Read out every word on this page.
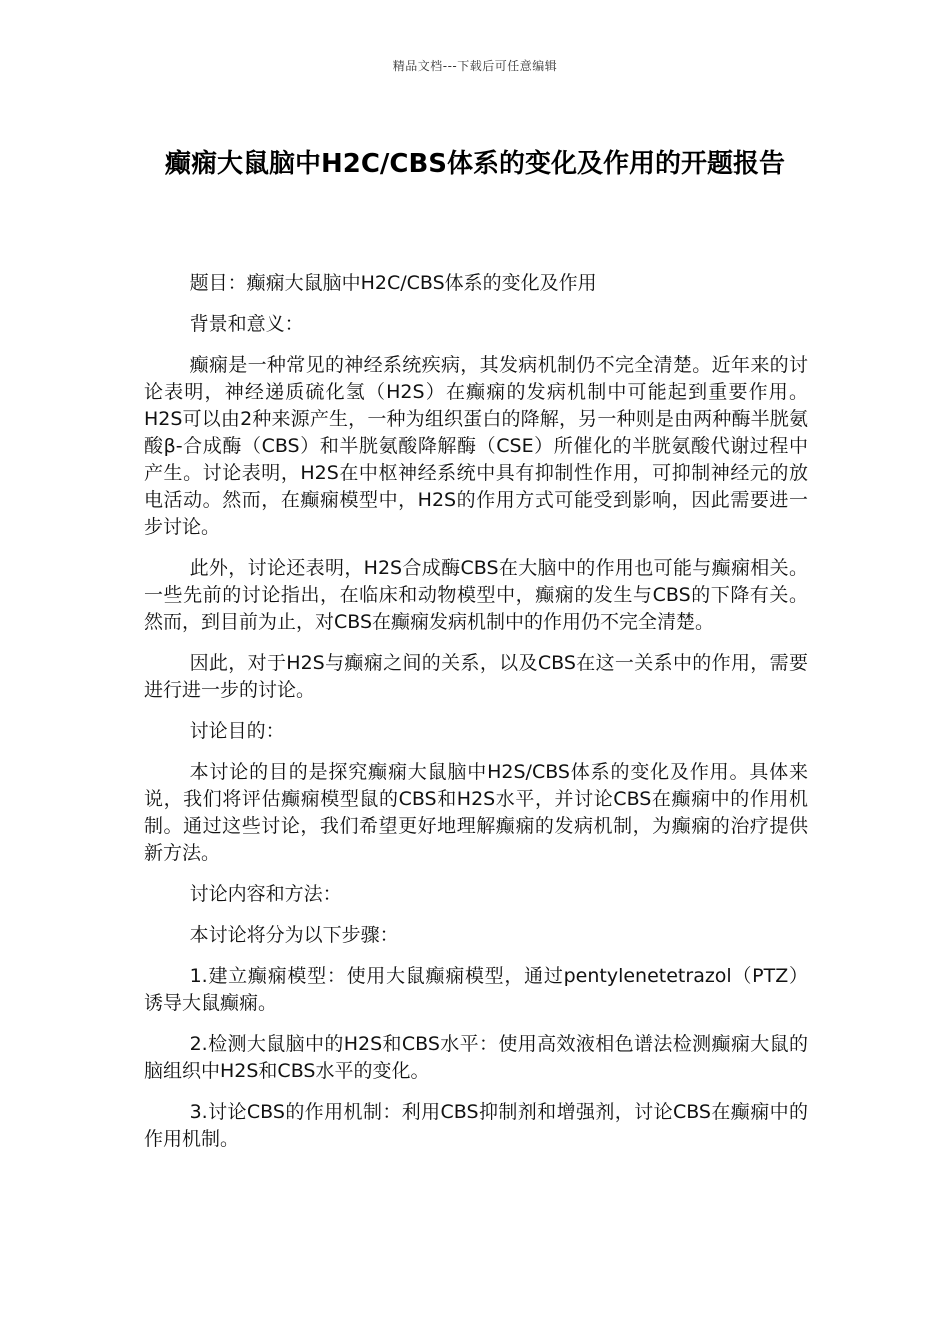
精品文档---下载后可任意编辑
癫痫大鼠脑中H2C/CBS体系的变化及作用的开题报告

题目：癫痫大鼠脑中H2C/CBS体系的变化及作用

背景和意义：

癫痫是一种常见的神经系统疾病，其发病机制仍不完全清楚。近年来的讨论表明，神经递质硫化氢（H2S）在癫痫的发病机制中可能起到重要作用。H2S可以由2种来源产生，一种为组织蛋白的降解，另一种则是由两种酶半胱氨酸β-合成酶（CBS）和半胱氨酸降解酶（CSE）所催化的半胱氨酸代谢过程中产生。讨论表明，H2S在中枢神经系统中具有抑制性作用，可抑制神经元的放电活动。然而，在癫痫模型中，H2S的作用方式可能受到影响，因此需要进一步讨论。

此外，讨论还表明，H2S合成酶CBS在大脑中的作用也可能与癫痫相关。一些先前的讨论指出，在临床和动物模型中，癫痫的发生与CBS的下降有关。然而，到目前为止，对CBS在癫痫发病机制中的作用仍不完全清楚。

因此，对于H2S与癫痫之间的关系，以及CBS在这一关系中的作用，需要进行进一步的讨论。

讨论目的：

本讨论的目的是探究癫痫大鼠脑中H2S/CBS体系的变化及作用。具体来说，我们将评估癫痫模型鼠的CBS和H2S水平，并讨论CBS在癫痫中的作用机制。通过这些讨论，我们希望更好地理解癫痫的发病机制，为癫痫的治疗提供新方法。

讨论内容和方法：

本讨论将分为以下步骤：

1.建立癫痫模型：使用大鼠癫痫模型，通过pentylenetetrazol（PTZ）诱导大鼠癫痫。

2.检测大鼠脑中的H2S和CBS水平：使用高效液相色谱法检测癫痫大鼠的脑组织中H2S和CBS水平的变化。

3.讨论CBS的作用机制：利用CBS抑制剂和增强剂，讨论CBS在癫痫中的作用机制。
